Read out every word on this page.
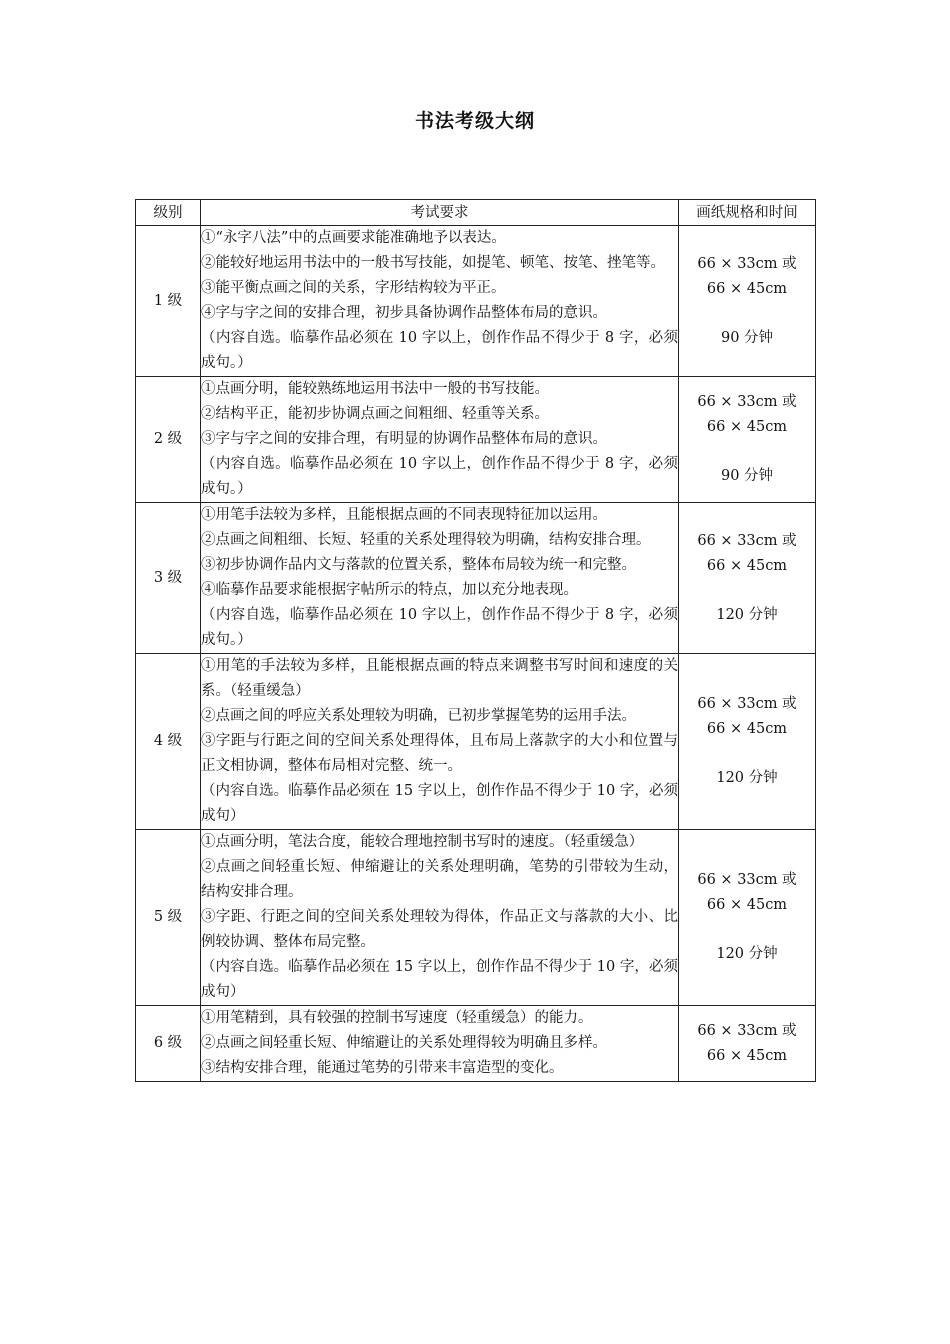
书法考级大纲
级别	考试要求	画纸规格和时间
1 级	①“永字八法”中的点画要求能准确地予以表达。
②能较好地运用书法中的一般书写技能，如提笔、顿笔、按笔、挫笔等。
③能平衡点画之间的关系，字形结构较为平正。
④字与字之间的安排合理，初步具备协调作品整体布局的意识。
（内容自选。临摹作品必须在 10 字以上，创作作品不得少于 8 字，必须成句。）	66 × 33cm 或
66 × 45cm
90 分钟

2 级	①点画分明，能较熟练地运用书法中一般的书写技能。
②结构平正，能初步协调点画之间粗细、轻重等关系。
③字与字之间的安排合理，有明显的协调作品整体布局的意识。
（内容自选。临摹作品必须在 10 字以上，创作作品不得少于 8 字，必须成句。）	66 × 33cm 或
66 × 45cm
90 分钟

3 级	①用笔手法较为多样，且能根据点画的不同表现特征加以运用。
②点画之间粗细、长短、轻重的关系处理得较为明确，结构安排合理。
③初步协调作品内文与落款的位置关系，整体布局较为统一和完整。
④临摹作品要求能根据字帖所示的特点，加以充分地表现。
（内容自选，临摹作品必须在 10 字以上，创作作品不得少于 8 字，必须成句。）	66 × 33cm 或
66 × 45cm
120 分钟

4 级	①用笔的手法较为多样，且能根据点画的特点来调整书写时间和速度的关系。（轻重缓急）
②点画之间的呼应关系处理较为明确，已初步掌握笔势的运用手法。
③字距与行距之间的空间关系处理得体，且布局上落款字的大小和位置与正文相协调，整体布局相对完整、统一。
（内容自选。临摹作品必须在 15 字以上，创作作品不得少于 10 字，必须成句）	66 × 33cm 或
66 × 45cm
120 分钟

5 级	①点画分明，笔法合度，能较合理地控制书写时的速度。（轻重缓急）
②点画之间轻重长短、伸缩避让的关系处理明确，笔势的引带较为生动，结构安排合理。
③字距、行距之间的空间关系处理较为得体，作品正文与落款的大小、比例较协调、整体布局完整。
（内容自选。临摹作品必须在 15 字以上，创作作品不得少于 10 字，必须成句）	66 × 33cm 或
66 × 45cm
120 分钟

6 级	①用笔精到，具有较强的控制书写速度（轻重缓急）的能力。
②点画之间轻重长短、伸缩避让的关系处理得较为明确且多样。
③结构安排合理，能通过笔势的引带来丰富造型的变化。	66 × 33cm 或
66 × 45cm
